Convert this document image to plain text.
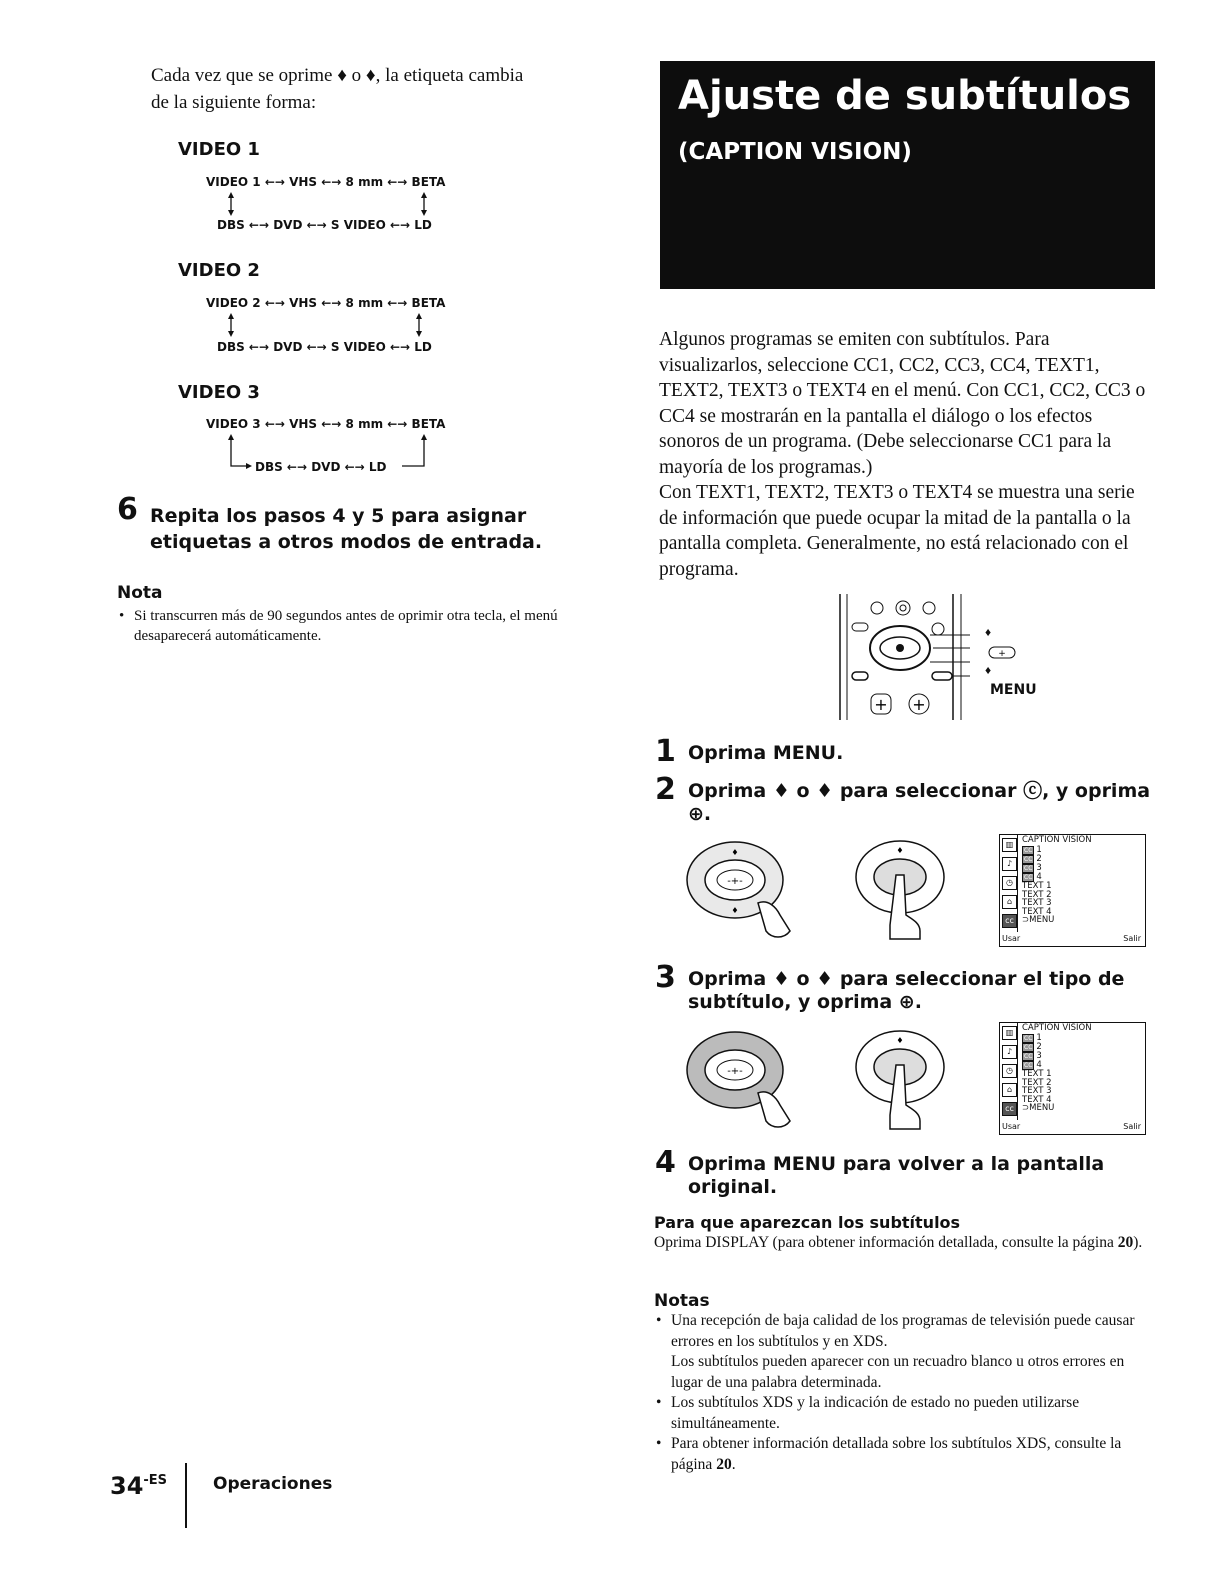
Cada vez que se oprime ♦ o ♦, la etiqueta cambia
de la siguiente forma:
VIDEO 1
VIDEO 1 ←→ VHS ←→ 8 mm ←→ BETA
DBS ←→ DVD ←→ S VIDEO ←→ LD
VIDEO 2
VIDEO 2 ←→ VHS ←→ 8 mm ←→ BETA
DBS ←→ DVD ←→ S VIDEO ←→ LD
VIDEO 3
VIDEO 3 ←→ VHS ←→ 8 mm ←→ BETA
DBS ←→ DVD ←→ LD
6 Repita los pasos 4 y 5 para asignar etiquetas a otros modos de entrada.
Nota
• Si transcurren más de 90 segundos antes de oprimir otra tecla, el menú desaparecerá automáticamente.
Ajuste de subtítulos
(CAPTION VISION)
Algunos programas se emiten con subtítulos. Para visualizarlos, seleccione CC1, CC2, CC3, CC4, TEXT1, TEXT2, TEXT3 o TEXT4 en el menú. Con CC1, CC2, CC3 o CC4 se mostrarán en la pantalla el diálogo o los efectos sonoros de un programa. (Debe seleccionarse CC1 para la mayoría de los programas.)
Con TEXT1, TEXT2, TEXT3 o TEXT4 se muestra una serie de información que puede ocupar la mitad de la pantalla o la pantalla completa. Generalmente, no está relacionado con el programa.
+ +
♦
+
♦
MENU
1 Oprima MENU.
2 Oprima ♦ o ♦ para seleccionar ⓒ, y oprima ⊕.
-+-
♦
♦
♦
▥
♪
◷
⌂
cc
CAPTION VISION
CC 1
CC 2
CC 3
CC 4
TEXT 1
TEXT 2
TEXT 3
TEXT 4
⊃MENU
Usar	Salir
3 Oprima ♦ o ♦ para seleccionar el tipo de subtítulo, y oprima ⊕.
-+-
♦
▥
♪
◷
⌂
cc
CAPTION VISION
CC 1
CC 2
CC 3
CC 4
TEXT 1
TEXT 2
TEXT 3
TEXT 4
⊃MENU
Usar	Salir
4 Oprima MENU para volver a la pantalla original.
Para que aparezcan los subtítulos
Oprima DISPLAY (para obtener información detallada, consulte la página 20).
Notas
• Una recepción de baja calidad de los programas de televisión puede causar errores en los subtítulos y en XDS.
Los subtítulos pueden aparecer con un recuadro blanco u otros errores en lugar de una palabra determinada.
• Los subtítulos XDS y la indicación de estado no pueden utilizarse simultáneamente.
• Para obtener información detallada sobre los subtítulos XDS, consulte la página 20.
$34^{-ES}$	Operaciones
